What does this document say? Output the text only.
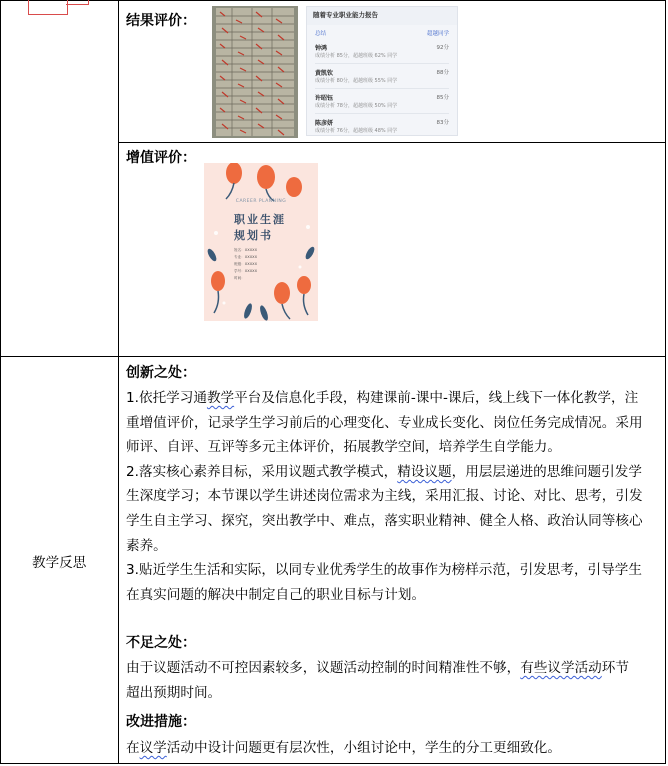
结果评价：	随着专业职业能力报告
总结	超越同学
92分
钟鸿
成绩分析 85分，超越班级 62% 同学
88分
黄凯钦
成绩分析 80分，超越班级 55% 同学
85分
许昭钰
成绩分析 78分，超越班级 50% 同学
83分
陈彦妍
成绩分析 76分，超越班级 48% 同学
增值评价：
CAREER PLANNING
职业生涯
规划书
姓名：XXXXX
专业：XXXXX
班级：XXXXX
学号：XXXXX
时间：
教学反思
创新之处：
1.依托学习通教学平台及信息化手段，构建课前-课中-课后，线上线下一体化教学，注
重增值评价，记录学生学习前后的心理变化、专业成长变化、岗位任务完成情况。采用
师评、自评、互评等多元主体评价，拓展教学空间，培养学生自学能力。
2.落实核心素养目标，采用议题式教学模式，精设议题，用层层递进的思维问题引发学
生深度学习；本节课以学生讲述岗位需求为主线，采用汇报、讨论、对比、思考，引发
学生自主学习、探究，突出教学中、难点，落实职业精神、健全人格、政治认同等核心
素养。
3.贴近学生生活和实际，以同专业优秀学生的故事作为榜样示范，引发思考，引导学生
在真实问题的解决中制定自己的职业目标与计划。
不足之处：
由于议题活动不可控因素较多，议题活动控制的时间精准性不够，有些议学活动环节
超出预期时间。
改进措施：
在议学活动中设计问题更有层次性，小组讨论中，学生的分工更细致化。
